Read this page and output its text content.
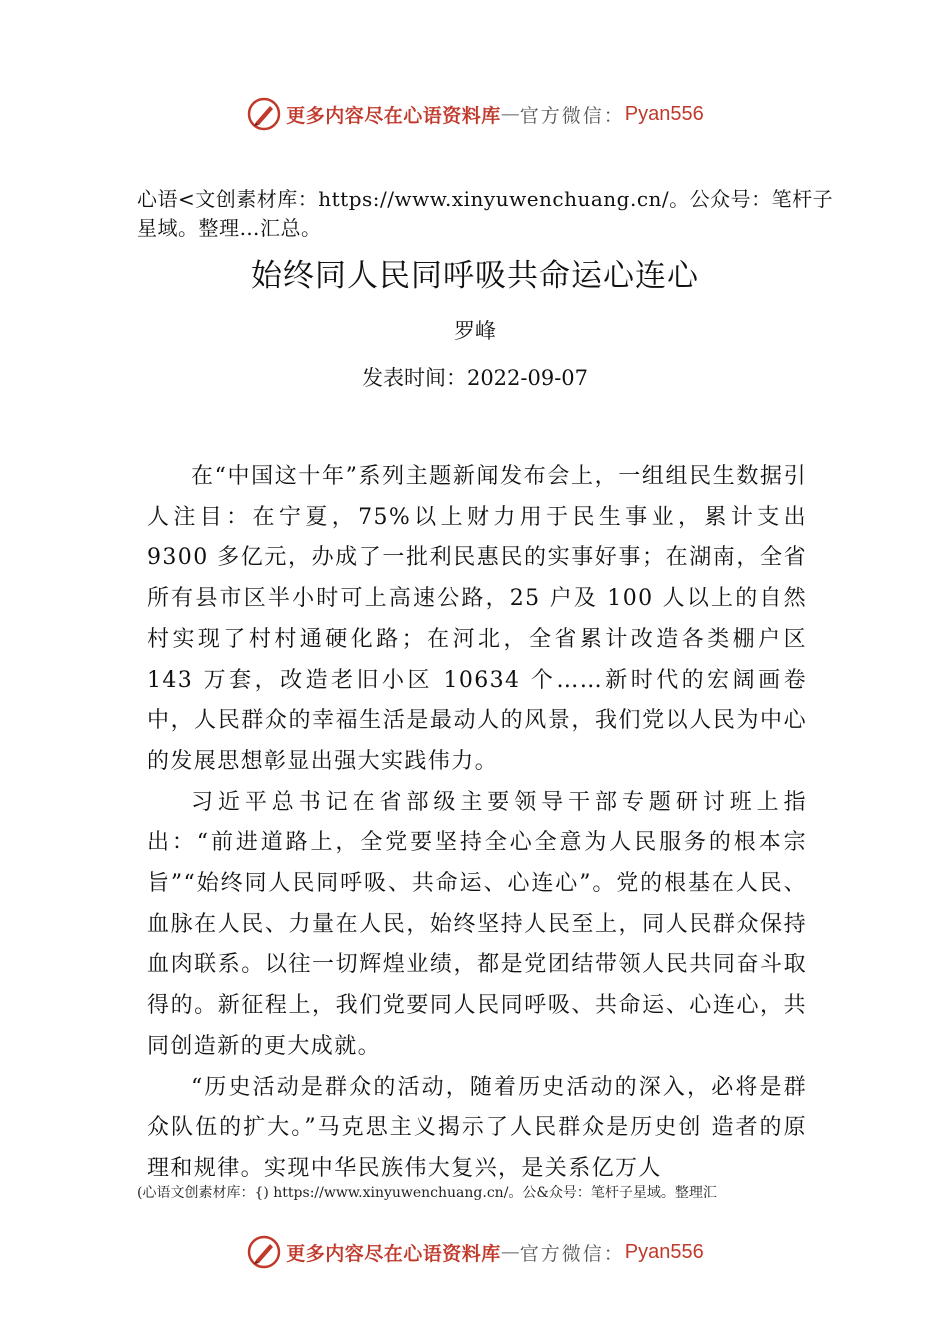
更多内容尽在心语资料库 — 官方微信： Pyan556
心语<文创素材库：https://www.xinyuwenchuang.cn/。公众号：笔杆子星域。整理…汇总。
始终同人民同呼吸共命运心连心
罗峰
发表时间：2022-09-07

在“中国这十年”系列主题新闻发布会上，一组组民生数据引人注目：在宁夏，75%以上财力用于民生事业，累计支出 9300 多亿元，办成了一批利民惠民的实事好事；在湖南，全省所有县市区半小时可上高速公路，25 户及 100 人以上的自然村实现了村村通硬化路；在河北，全省累计改造各类棚户区 143 万套，改造老旧小区 10634 个……新时代的宏阔画卷中，人民群众的幸福生活是最动人的风景，我们党以人民为中心的发展思想彰显出强大实践伟力。

习近平总书记在省部级主要领导干部专题研讨班上指出：“前进道路上，全党要坚持全心全意为人民服务的根本宗旨”“始终同人民同呼吸、共命运、心连心”。党的根基在人民、血脉在人民、力量在人民，始终坚持人民至上，同人民群众保持血肉联系。以往一切辉煌业绩，都是党团结带领人民共同奋斗取得的。新征程上，我们党要同人民同呼吸、共命运、心连心，共同创造新的更大成就。

“历史活动是群众的活动，随着历史活动的深入，必将是群众队伍的扩大。”马克思主义揭示了人民群众是历史创 造者的原理和规律。实现中华民族伟大复兴，是关系亿万人

(心语文创素材库：{) https://www.xinyuwenchuang.cn/。公&众号：笔杆子星域。整理汇
更多内容尽在心语资料库 — 官方微信： Pyan556
